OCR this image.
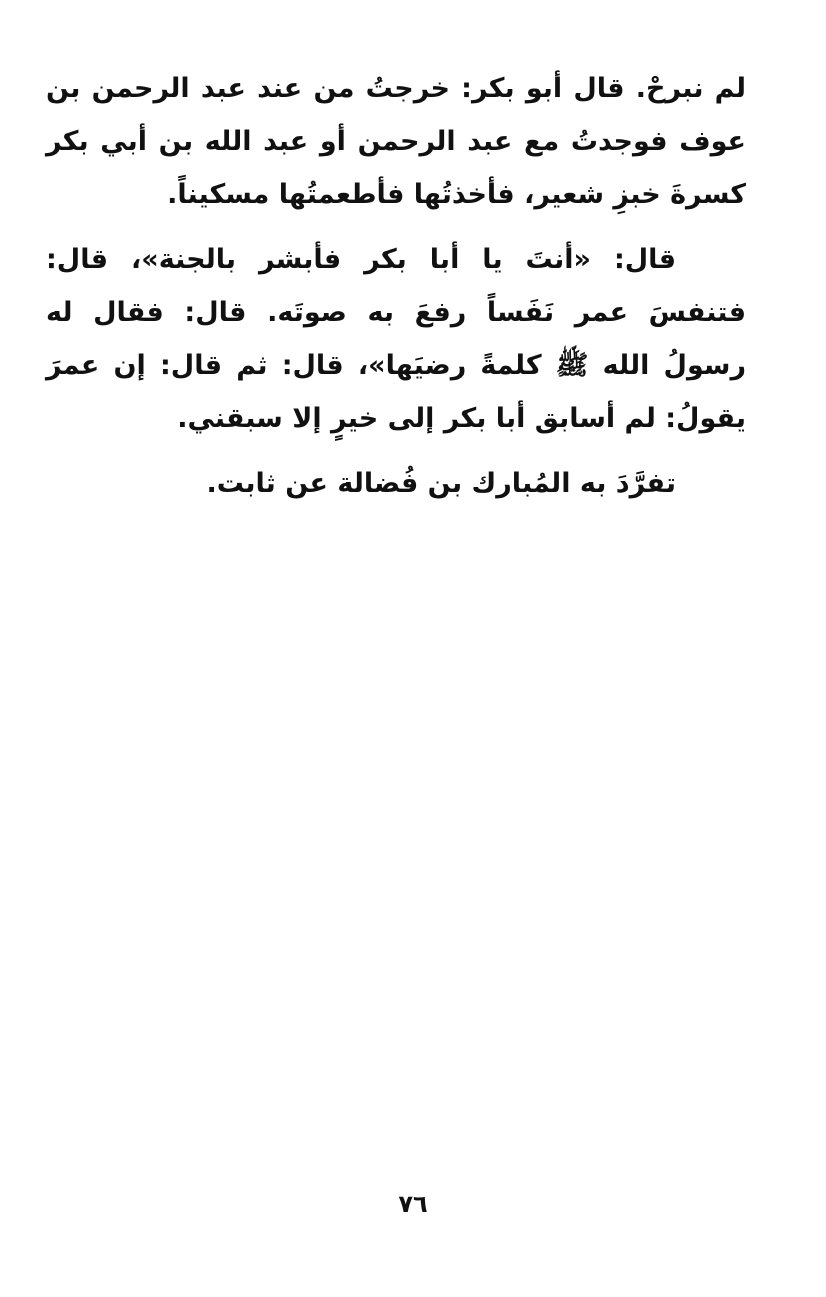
لم نبرحْ. قال أبو بكر: خرجتُ من عند عبد الرحمن بن عوف فوجدتُ مع عبد الرحمن أو عبد الله بن أبي بكر كسرةَ خبزِ شعير، فأخذتُها فأطعمتُها مسكيناً.

قال: «أنتَ يا أبا بكر فأبشر بالجنة»، قال: فتنفسَ عمر نَفَساً رفعَ به صوتَه. قال: فقال له رسولُ الله ﷺ كلمةً رضيَها»، قال: ثم قال: إن عمرَ يقولُ: لم أسابق أبا بكر إلى خيرٍ إلا سبقني.

تفرَّدَ به المُبارك بن فُضالة عن ثابت.

٧٦
